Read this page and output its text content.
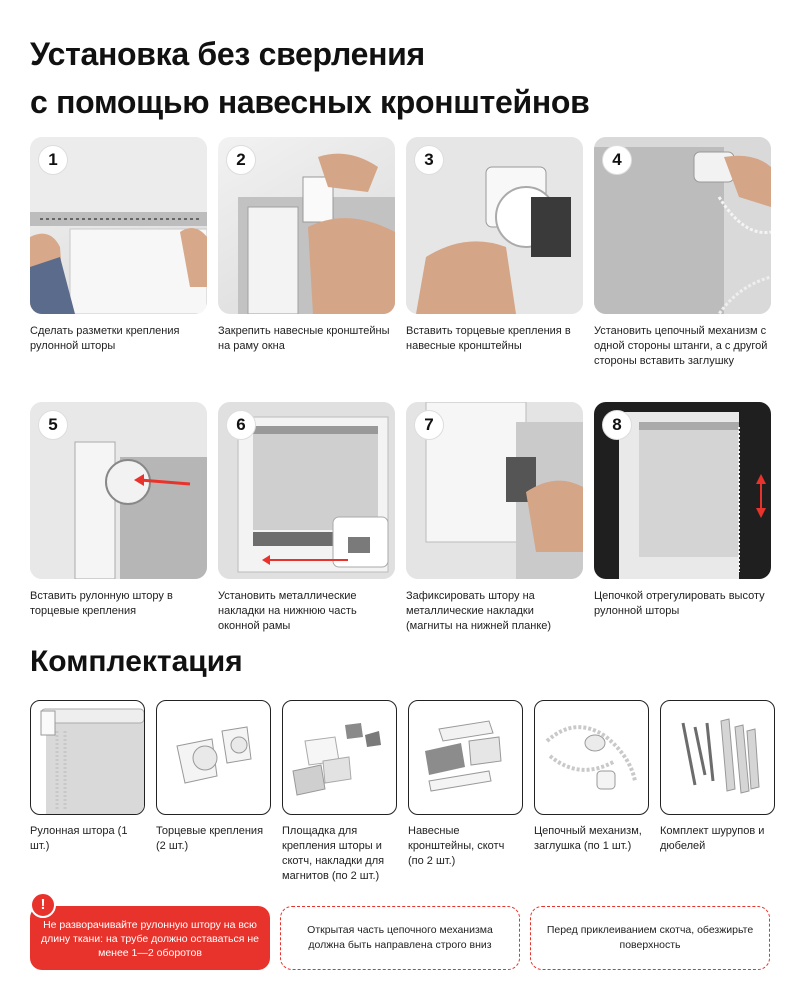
Установка без сверления
с помощью навесных кронштейнов
1
Сделать разметки крепления рулонной шторы
2
Закрепить навесные кронштейны на раму окна
3
Вставить торцевые крепления в навесные кронштейны
4
Установить цепочный механизм с одной стороны штанги, а с другой стороны вставить заглушку
5
Вставить рулонную штору в торцевые крепления
6
Установить металлические накладки на нижнюю часть оконной рамы
7
Зафиксировать штору на металлические накладки (магниты на нижней планке)
8
Цепочкой отрегулировать высоту рулонной шторы
Комплектация
Рулонная штора (1 шт.)
Торцевые крепления (2 шт.)
Площадка для крепления шторы и скотч, накладки для магнитов (по 2 шт.)
Навесные кронштейны, скотч (по 2 шт.)
Цепочный механизм, заглушка (по 1 шт.)
Комплект шурупов и дюбелей
!
Не разворачивайте рулонную штору на всю длину ткани: на трубе должно оставаться не менее 1—2 оборотов
Открытая часть цепочного механизма должна быть направлена строго вниз
Перед приклеиванием скотча, обезжирьте поверхность
